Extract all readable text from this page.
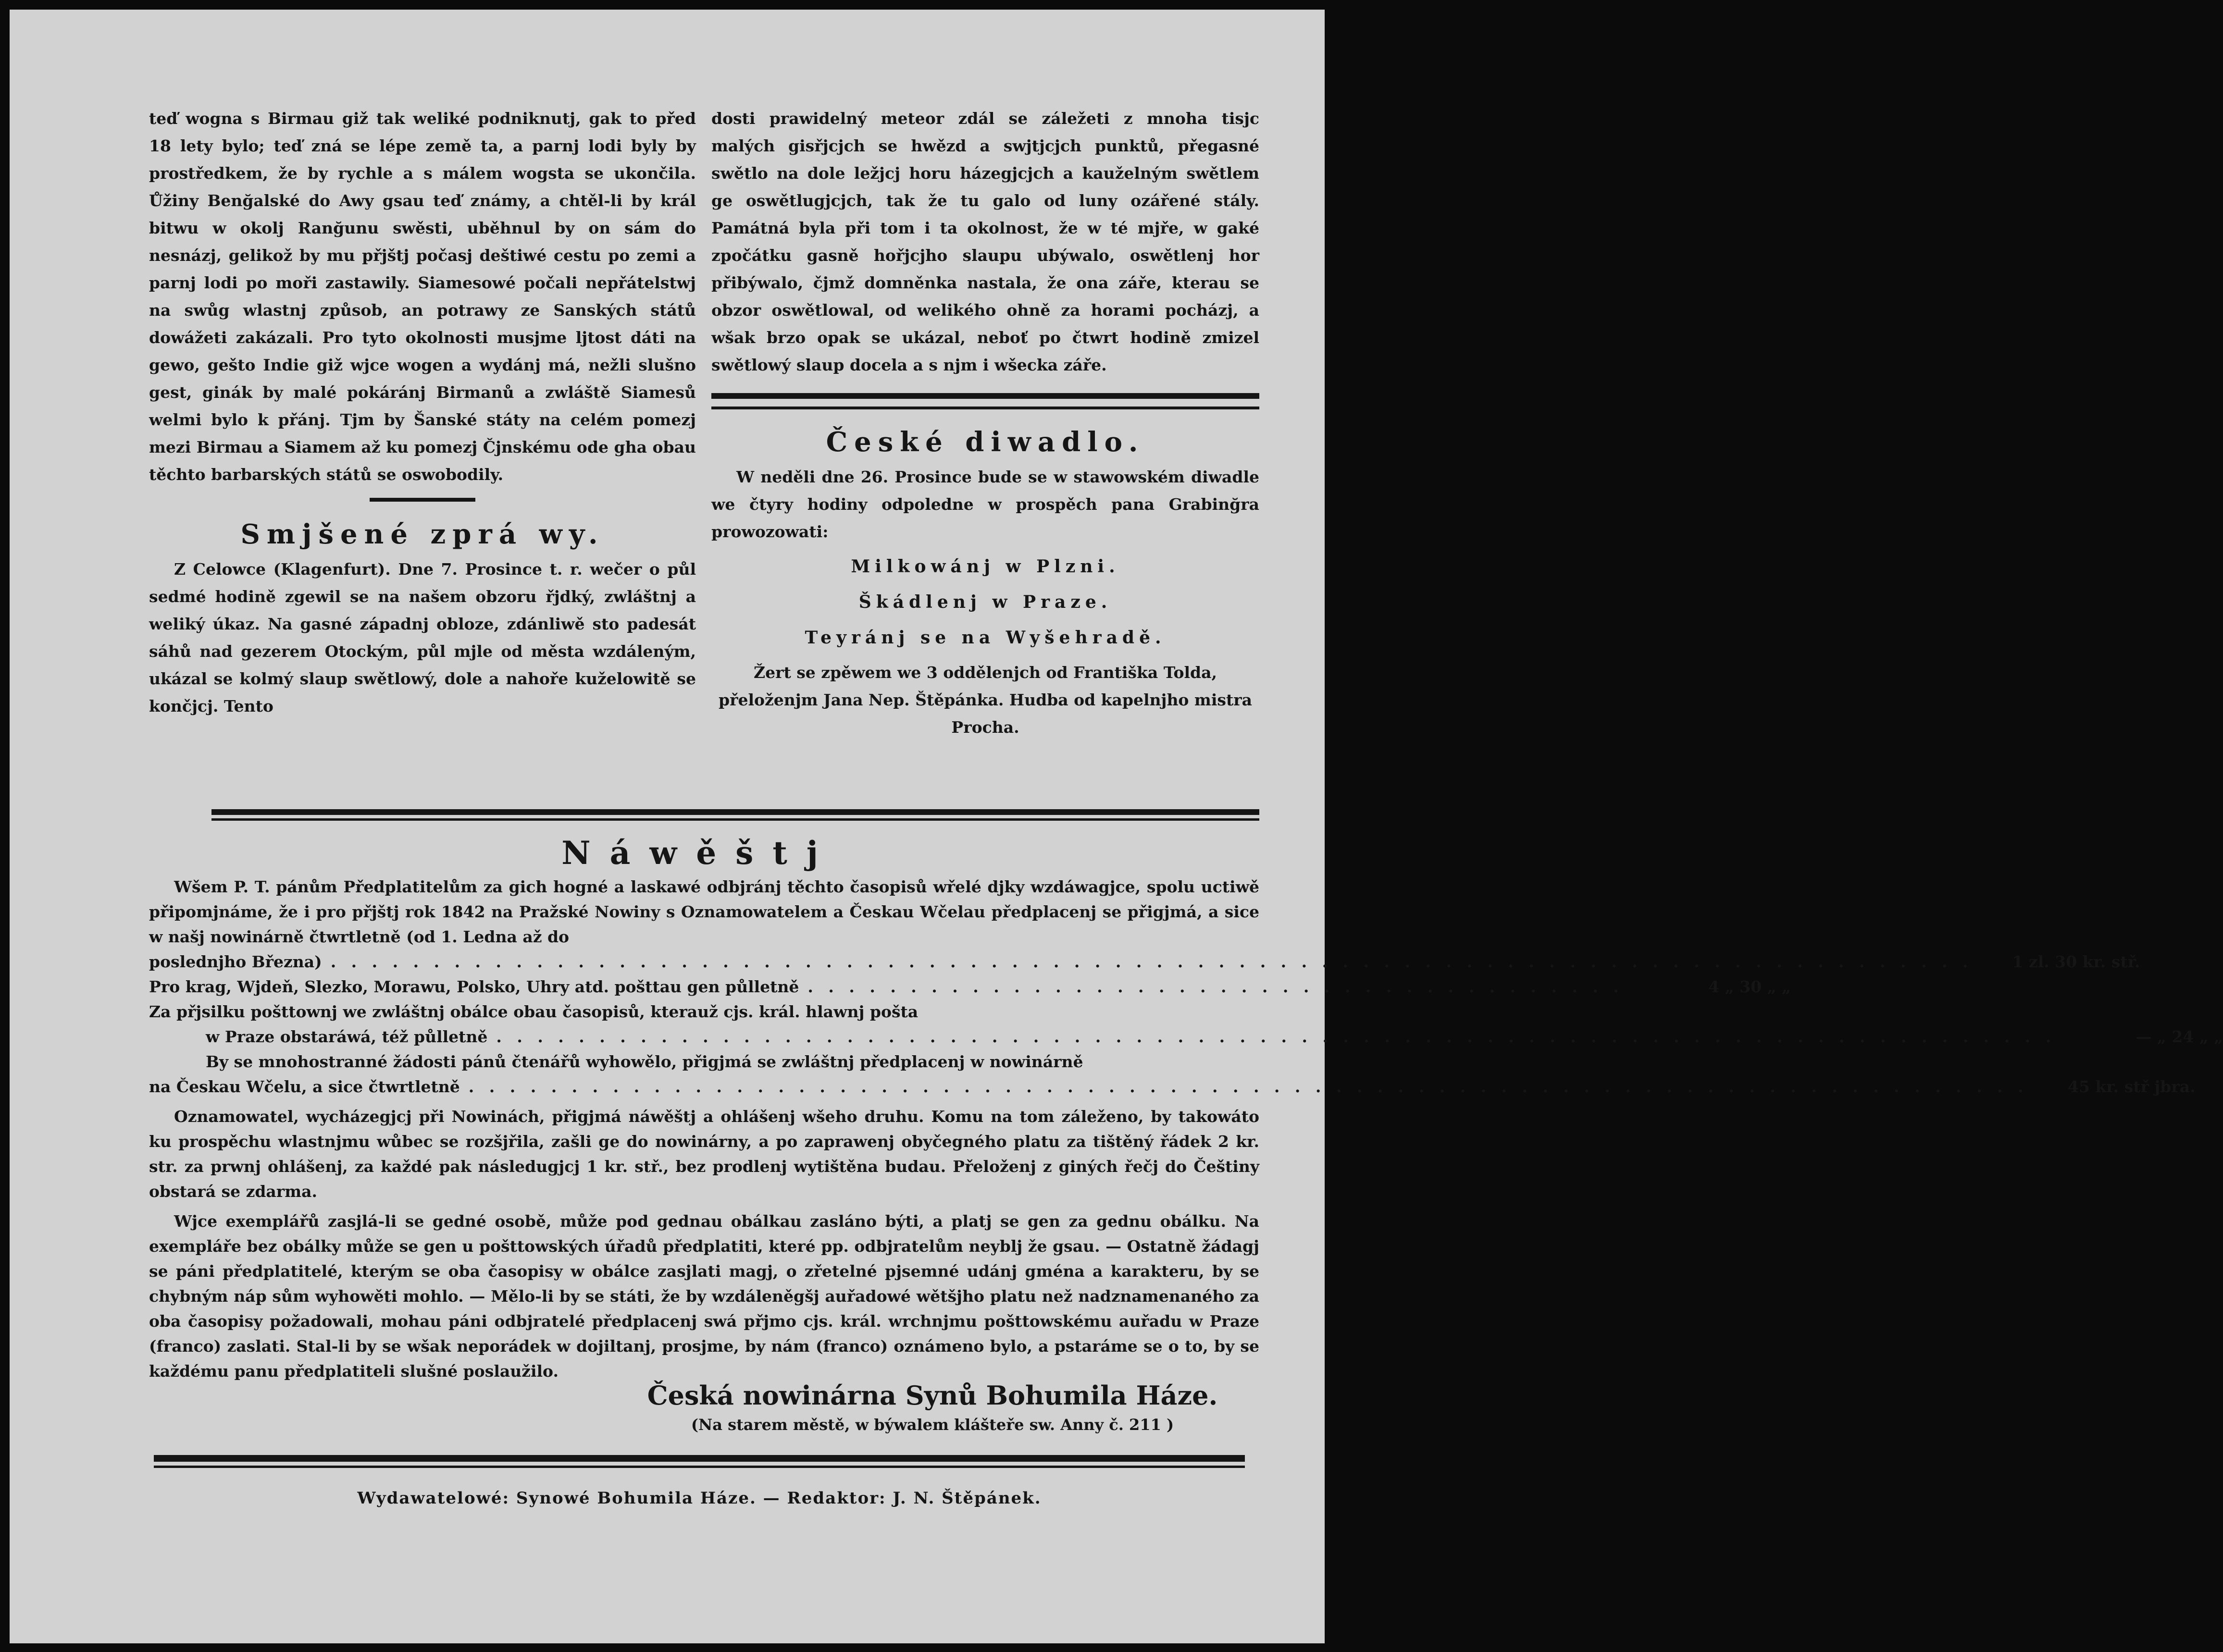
teď wogna s Birmau giž tak weliké podniknutj, gak to před 18 lety bylo; teď zná se lépe země ta, a parnj lodi byly by prostředkem, že by rychle a s málem wogsta se ukončila. Ůžiny Benğalské do Awy gsau teď známy, a chtěl-li by král bitwu w okolj Ranğunu swěsti, uběhnul by on sám do nesnázj, gelikož by mu přjštj počasj deštiwé cestu po zemi a parnj lodi po moři zastawily. Siamesowé počali nepřátelstwj na swůg wlastnj způsob, an potrawy ze Sanských států dowážeti zakázali. Pro tyto okolnosti musjme ljtost dáti na gewo, gešto Indie giž wjce wogen a wydánj má, nežli slušno gest, ginák by malé pokáránj Birmanů a zwláště Siamesů welmi bylo k přánj. Tjm by Šanské státy na celém pomezj mezi Birmau a Siamem až ku pomezj Čjnskému ode gha obau těchto barbarských států se oswobodily.

Smjšené zprá wy.

Z Celowce (Klagenfurt). Dne 7. Prosince t. r. wečer o půl sedmé hodině zgewil se na našem obzoru řjdký, zwláštnj a weliký úkaz. Na gasné západnj obloze, zdánliwě sto padesát sáhů nad gezerem Otockým, půl mjle od města wzdáleným, ukázal se kolmý slaup swětlowý, dole a nahoře kuželowitě se končjcj. Tento

dosti prawidelný meteor zdál se záležeti z mnoha tisjc malých gisřjcjch se hwězd a swjtjcjch punktů, přegasné swětlo na dole ležjcj horu házegjcjch a kauželným swětlem ge oswětlugjcjch, tak že tu galo od luny ozářené stály. Památná byla při tom i ta okolnost, že w té mjře, w gaké zpočátku gasně hořjcjho slaupu ubýwalo, oswětlenj hor přibýwalo, čjmž domněnka nastala, že ona záře, kterau se obzor oswětlowal, od welikého ohně za horami pocházj, a wšak brzo opak se ukázal, neboť po čtwrt hodině zmizel swětlowý slaup docela a s njm i wšecka záře.

České diwadlo.

W neděli dne 26. Prosince bude se w stawowském diwadle we čtyry hodiny odpoledne w prospěch pana Grabinğra prowozowati:

Milkowánj w Plzni.
Škádlenj w Praze.
Teyránj se na Wyšehradě.

Žert se zpěwem we 3 oddělenjch od Františka Tolda, přeloženjm Jana Nep. Štěpánka. Hudba od kapelnjho mistra Procha.

Náwěštj

Wšem P. T. pánům Předplatitelům za gich hogné a laskawé odbjránj těchto časopisů wřelé djky wzdáwagjce, spolu uctiwě připomjnáme, že i pro přjštj rok 1842 na Pražské Nowiny s Oznamowatelem a Českau Wčelau předplacenj se přigjmá, a sice w našj nowinárně čtwrtletně (od 1. Ledna až do

poslednjho Března) . . . . . . . . . . . . . . . . . . . . . . . . . . . . . . . . . . . . . . . . . . . . . . . . . . . . . . . . . . . . . . . . . . . . . . . . . . . . . . . .	1 zl. 30 kr. stř.
Pro krag, Wjdeň, Slezko, Morawu, Polsko, Uhry atd. pošttau gen půlletně . . . . . . . . . . . . . . . . . . . . . . . . . . . . . . . . . . . . . . . .	4 „ 30 „ „

Za přjsilku pošttownj we zwláštnj obálce obau časopisů, kterauž cjs. král. hlawnj pošta

w Praze obstaráwá, též půlletně . . . . . . . . . . . . . . . . . . . . . . . . . . . . . . . . . . . . . . . . . . . . . . . . . . . . . . . . . . . . . . . . . . . . . . . . . . . .	— „ 24 „ „

By se mnohostranné žádosti pánů čtenářů wyhowělo, přigjmá se zwláštnj předplacenj w nowinárně

na Českau Wčelu, a sice čtwrtletně . . . . . . . . . . . . . . . . . . . . . . . . . . . . . . . . . . . . . . . . . . . . . . . . . . . . . . . . . . . . . . . . . . . . . . . . . . . .	45 kr. stř jbra.

Oznamowatel, wycházegjcj při Nowinách, přigjmá náwěštj a ohlášenj wšeho druhu. Komu na tom záleženo, by takowáto ku prospěchu wlastnjmu wůbec se rozšjřila, zašli ge do nowinárny, a po zaprawenj obyčegného platu za tištěný řádek 2 kr. str. za prwnj ohlášenj, za každé pak následugjcj 1 kr. stř., bez prodlenj wytištěna budau. Přeloženj z giných řečj do Češtiny obstará se zdarma.

Wjce exemplářů zasjlá-li se gedné osobě, může pod gednau obálkau zasláno býti, a platj se gen za gednu obálku. Na exempláře bez obálky může se gen u pošttowských úřadů předplatiti, které pp. odbjratelům neyblj že gsau. — Ostatně žádagj se páni předplatitelé, kterým se oba časopisy w obálce zasjlati magj, o zřetelné pjsemné udánj gména a karakteru, by se chybným náp sům wyhowěti mohlo. — Mělo-li by se státi, že by wzdáleněgšj auřadowé wětšjho platu než nadznamenaného za oba časopisy požadowali, mohau páni odbjratelé předplacenj swá přjmo cjs. král. wrchnjmu pošttowskému auřadu w Praze (franco) zaslati. Stal-li by se wšak neporádek w dojiltanj, prosjme, by nám (franco) oznámeno bylo, a pstaráme se o to, by se každému panu předplatiteli slušné poslaužilo.

Česká nowinárna Synů Bohumila Háze.
(Na starem městě, w býwalem klášteře sw. Anny č. 211 )
Wydawatelowé: Synowé Bohumila Háze. — Redaktor: J. N. Štěpánek.
